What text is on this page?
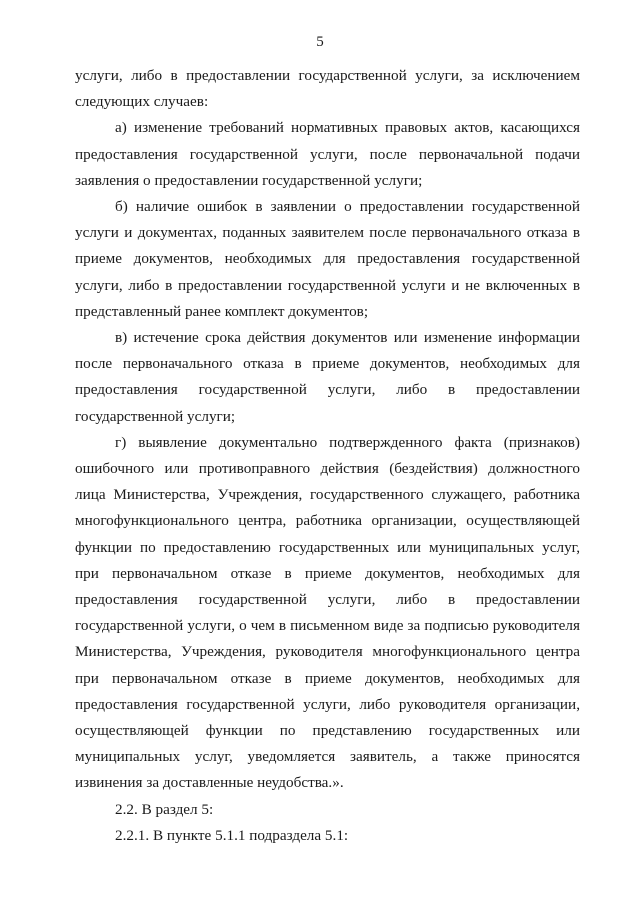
5

услуги, либо в предоставлении государственной услуги, за исключением следующих случаев:

а) изменение требований нормативных правовых актов, касающихся предоставления государственной услуги, после первоначальной подачи заявления о предоставлении государственной услуги;

б) наличие ошибок в заявлении о предоставлении государственной услуги и документах, поданных заявителем после первоначального отказа в приеме документов, необходимых для предоставления государственной услуги, либо в предоставлении государственной услуги и не включенных в представленный ранее комплект документов;

в) истечение срока действия документов или изменение информации после первоначального отказа в приеме документов, необходимых для предоставления государственной услуги, либо в предоставлении государственной услуги;

г) выявление документально подтвержденного факта (признаков) ошибочного или противоправного действия (бездействия) должностного лица Министерства, Учреждения, государственного служащего, работника многофункционального центра, работника организации, осуществляющей функции по предоставлению государственных или муниципальных услуг, при первоначальном отказе в приеме документов, необходимых для предоставления государственной услуги, либо в предоставлении государственной услуги, о чем в письменном виде за подписью руководителя Министерства, Учреждения, руководителя многофункционального центра при первоначальном отказе в приеме документов, необходимых для предоставления государственной услуги, либо руководителя организации, осуществляющей функции по представлению государственных или муниципальных услуг, уведомляется заявитель, а также приносятся извинения за доставленные неудобства.».

2.2. В раздел 5:

2.2.1. В пункте 5.1.1 подраздела 5.1:
